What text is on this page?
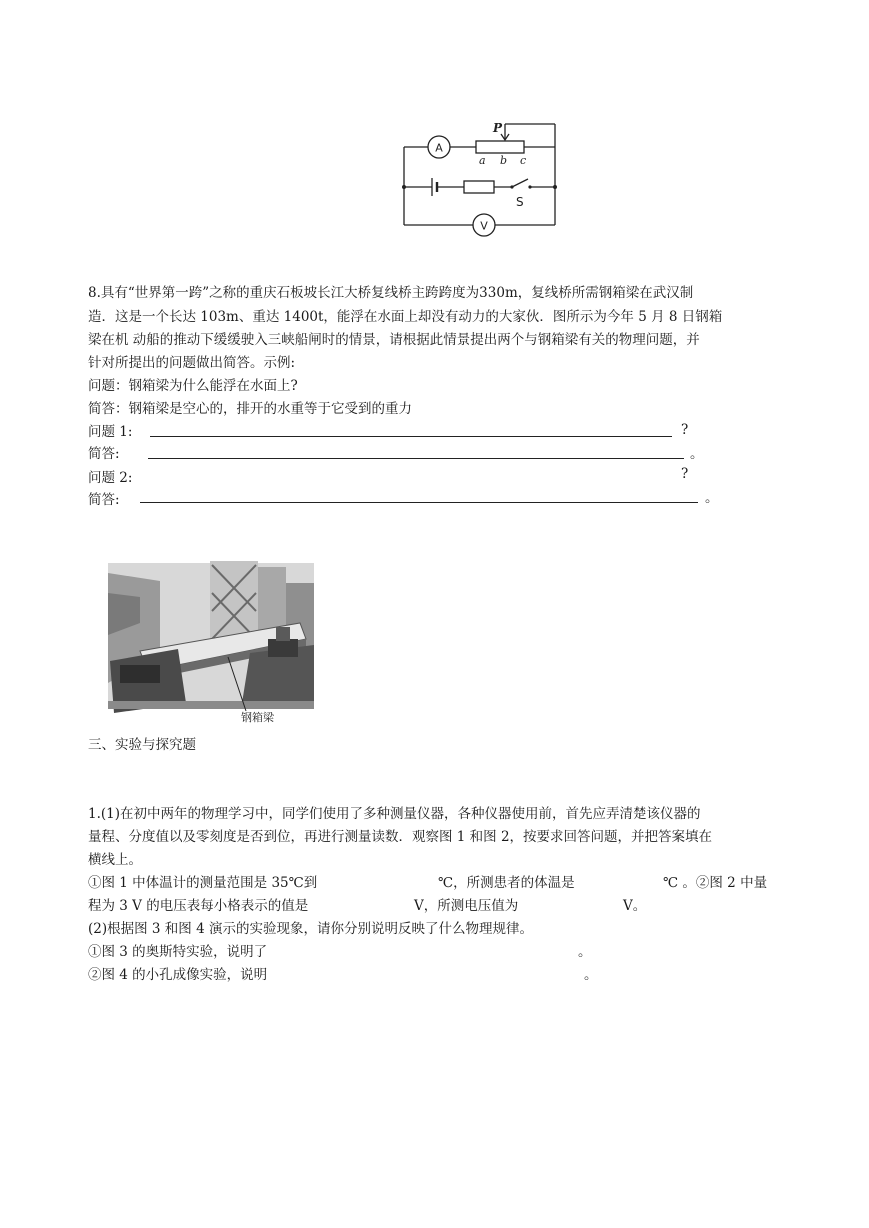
A
V
P
a b c
S
8.具有“世界第一跨”之称的重庆石板坡长江大桥复线桥主跨跨度为330m，复线桥所需钢箱梁在武汉制
造．这是一个长达 103m、重达 1400t，能浮在水面上却没有动力的大家伙．图所示为今年 5 月 8 日钢箱
梁在机 动船的推动下缓缓驶入三峡船闸时的情景，请根据此情景提出两个与钢箱梁有关的物理问题，并
针对所提出的问题做出简答。示例:
问题：钢箱梁为什么能浮在水面上?
简答：钢箱梁是空心的，排开的水重等于它受到的重力
问题 1:	?
简答:	。
问题 2:	?
简答:	。
钢箱梁
三、实验与探究题
1.(1)在初中两年的物理学习中，同学们使用了多种测量仪器，各种仪器使用前，首先应弄清楚该仪器的
量程、分度值以及零刻度是否到位，再进行测量读数．观察图 1 和图 2，按要求回答问题，并把答案填在
横线上。
①图 1 中体温计的测量范围是 35℃到	℃，所测患者的体温是	℃ 。②图 2 中量
程为 3 V 的电压表每小格表示的值是	V，所测电压值为	V。
(2)根据图 3 和图 4 演示的实验现象，请你分别说明反映了什么物理规律。
①图 3 的奥斯特实验，说明了	。
②图 4 的小孔成像实验，说明	。
